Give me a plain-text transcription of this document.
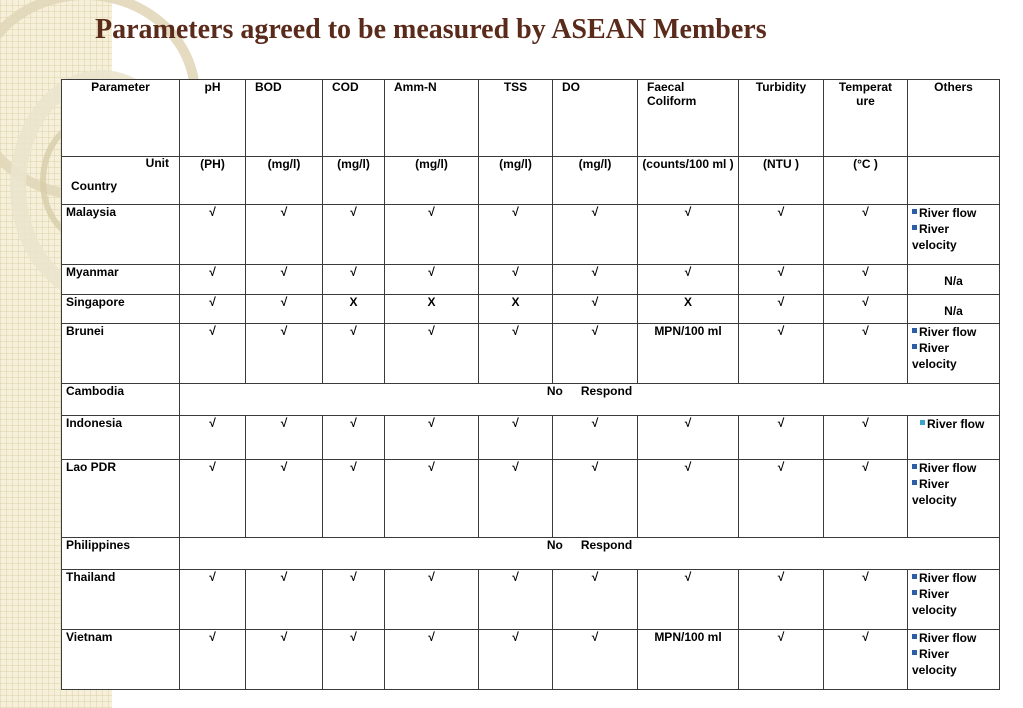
Parameters agreed to be measured by ASEAN Members
Parameter	pH	BOD	COD	Amm-N	TSS	DO	Faecal Coliform	Turbidity	Temperat ure	Others

Unit
Country	(PH)	(mg/l)	(mg/l)	(mg/l)	(mg/l)	(mg/l)	(counts/100 ml )	(NTU )	(°C )	
Malaysia	√	√	√	√	√	√	√	√	√	River flow
River velocity

Myanmar	√	√	√	√	√	√	√	√	√	N/a
Singapore	√	√	X	X	X	√	X	√	√	N/a
Brunei	√	√	√	√	√	√	MPN/100 ml	√	√	River flow
River velocity

Cambodia	No Respond									
Indonesia	√	√	√	√	√	√	√	√	√	River flow

Lao PDR	√	√	√	√	√	√	√	√	√	River flow
River velocity

Philippines	No Respond									
Thailand	√	√	√	√	√	√	√	√	√	River flow
River velocity

Vietnam	√	√	√	√	√	√	MPN/100 ml	√	√	River flow
River velocity
